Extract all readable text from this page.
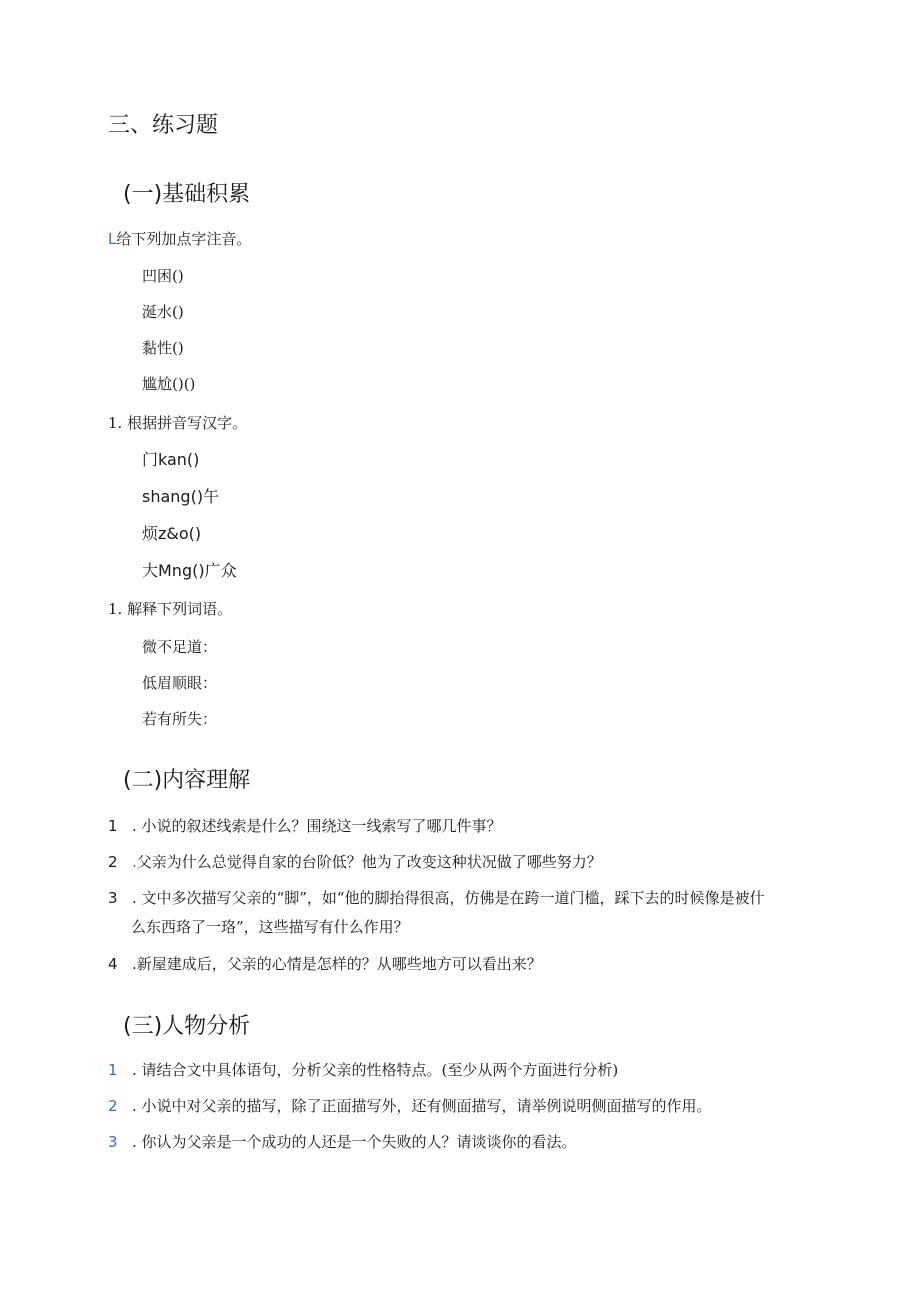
三、练习题
(一)基础积累
L给下列加点字注音。
凹困()
涎水()
黏性()
尴尬()()
1. 根据拼音写汉字。
门kan()
shang()午
烦z&o()
大Mng()广众
1. 解释下列词语。
微不足道：
低眉顺眼：
若有所失：
(二)内容理解
1 . 小说的叙述线索是什么？围绕这一线索写了哪几件事？
2 .父亲为什么总觉得自家的台阶低？他为了改变这种状况做了哪些努力？
3 . 文中多次描写父亲的“脚”，如“他的脚抬得很高，仿佛是在跨一道门槛，踩下去的时候像是被什
么东西珞了一珞”，这些描写有什么作用？
4 .新屋建成后，父亲的心情是怎样的？从哪些地方可以看出来？
(三)人物分析
1 . 请结合文中具体语句，分析父亲的性格特点。(至少从两个方面进行分析)
2 . 小说中对父亲的描写，除了正面描写外，还有侧面描写，请举例说明侧面描写的作用。
3 . 你认为父亲是一个成功的人还是一个失败的人？请谈谈你的看法。
